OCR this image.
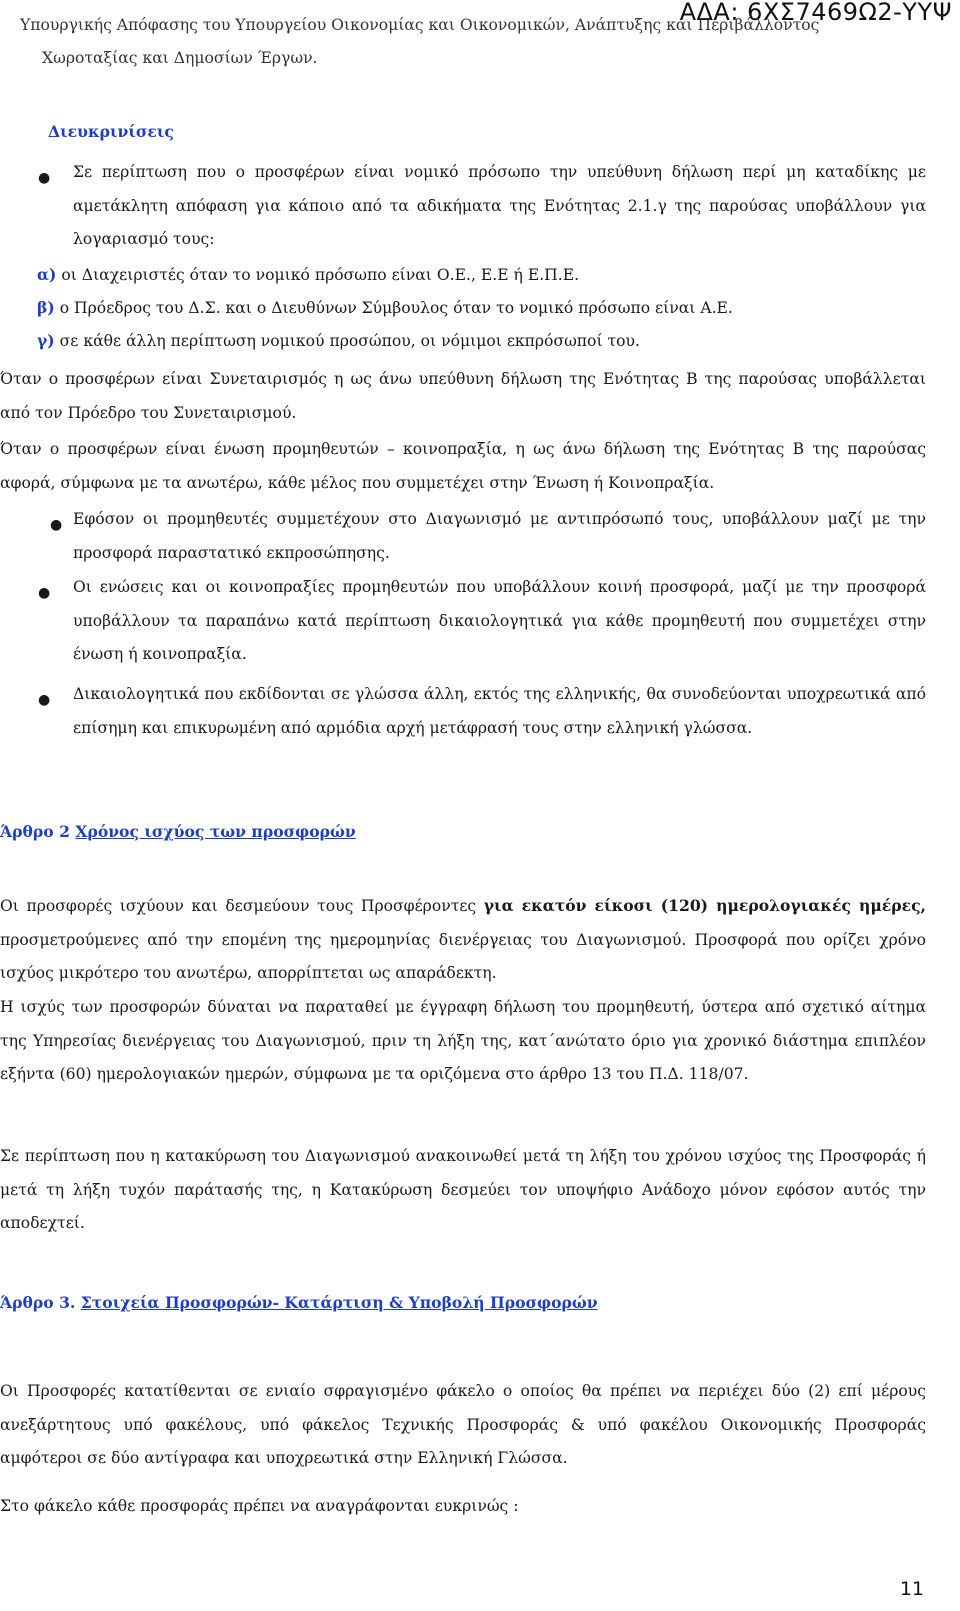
ΑΔΑ: 6ΧΣ7469Ω2-ΥΥΨ
Υπουργικής Απόφασης του Υπουργείου Οικονομίας και Οικονομικών, Ανάπτυξης και Περιβάλλοντος
Χωροταξίας και Δημοσίων Έργων.
Διευκρινίσεις
● Σε περίπτωση που ο προσφέρων είναι νομικό πρόσωπο την υπεύθυνη δήλωση περί μη καταδίκης με αμετάκλητη απόφαση για κάποιο από τα αδικήματα της Ενότητας 2.1.γ της παρούσας υποβάλλουν για λογαριασμό τους:
α) οι Διαχειριστές όταν το νομικό πρόσωπο είναι Ο.Ε., Ε.Ε ή Ε.Π.Ε.
β) ο Πρόεδρος του Δ.Σ. και ο Διευθύνων Σύμβουλος όταν το νομικό πρόσωπο είναι Α.Ε.
γ) σε κάθε άλλη περίπτωση νομικού προσώπου, οι νόμιμοι εκπρόσωποί του.
Όταν ο προσφέρων είναι Συνεταιρισμός η ως άνω υπεύθυνη δήλωση της Ενότητας Β της παρούσας υποβάλλεται από τον Πρόεδρο του Συνεταιρισμού.
Όταν ο προσφέρων είναι ένωση προμηθευτών – κοινοπραξία, η ως άνω δήλωση της Ενότητας Β της παρούσας αφορά, σύμφωνα με τα ανωτέρω, κάθε μέλος που συμμετέχει στην Ένωση ή Κοινοπραξία.
● Εφόσον οι προμηθευτές συμμετέχουν στο Διαγωνισμό με αντιπρόσωπό τους, υποβάλλουν μαζί με την προσφορά παραστατικό εκπροσώπησης.
● Οι ενώσεις και οι κοινοπραξίες προμηθευτών που υποβάλλουν κοινή προσφορά, μαζί με την προσφορά υποβάλλουν τα παραπάνω κατά περίπτωση δικαιολογητικά για κάθε προμηθευτή που συμμετέχει στην ένωση ή κοινοπραξία.
● Δικαιολογητικά που εκδίδονται σε γλώσσα άλλη, εκτός της ελληνικής, θα συνοδεύονται υποχρεωτικά από επίσημη και επικυρωμένη από αρμόδια αρχή μετάφρασή τους στην ελληνική γλώσσα.
Άρθρο 2 Χρόνος ισχύος των προσφορών
Οι προσφορές ισχύουν και δεσμεύουν τους Προσφέροντες για εκατόν είκοσι (120) ημερολογιακές ημέρες, προσμετρούμενες από την επομένη της ημερομηνίας διενέργειας του Διαγωνισμού. Προσφορά που ορίζει χρόνο ισχύος μικρότερο του ανωτέρω, απορρίπτεται ως απαράδεκτη.
Η ισχύς των προσφορών δύναται να παραταθεί με έγγραφη δήλωση του προμηθευτή, ύστερα από σχετικό αίτημα της Υπηρεσίας διενέργειας του Διαγωνισμού, πριν τη λήξη της, κατ΄ανώτατο όριο για χρονικό διάστημα επιπλέον εξήντα (60) ημερολογιακών ημερών, σύμφωνα με τα οριζόμενα στο άρθρο 13 του Π.Δ. 118/07.
Σε περίπτωση που η κατακύρωση του Διαγωνισμού ανακοινωθεί μετά τη λήξη του χρόνου ισχύος της Προσφοράς ή μετά τη λήξη τυχόν παράτασής της, η Κατακύρωση δεσμεύει τον υποψήφιο Ανάδοχο μόνον εφόσον αυτός την αποδεχτεί.
Άρθρο 3. Στοιχεία Προσφορών- Κατάρτιση & Υποβολή Προσφορών
Οι Προσφορές κατατίθενται σε ενιαίο σφραγισμένο φάκελο ο οποίος θα πρέπει να περιέχει δύο (2) επί μέρους ανεξάρτητους υπό φακέλους, υπό φάκελος Τεχνικής Προσφοράς & υπό φακέλου Οικονομικής Προσφοράς αμφότεροι σε δύο αντίγραφα και υποχρεωτικά στην Ελληνική Γλώσσα.
Στο φάκελο κάθε προσφοράς πρέπει να αναγράφονται ευκρινώς :
11
